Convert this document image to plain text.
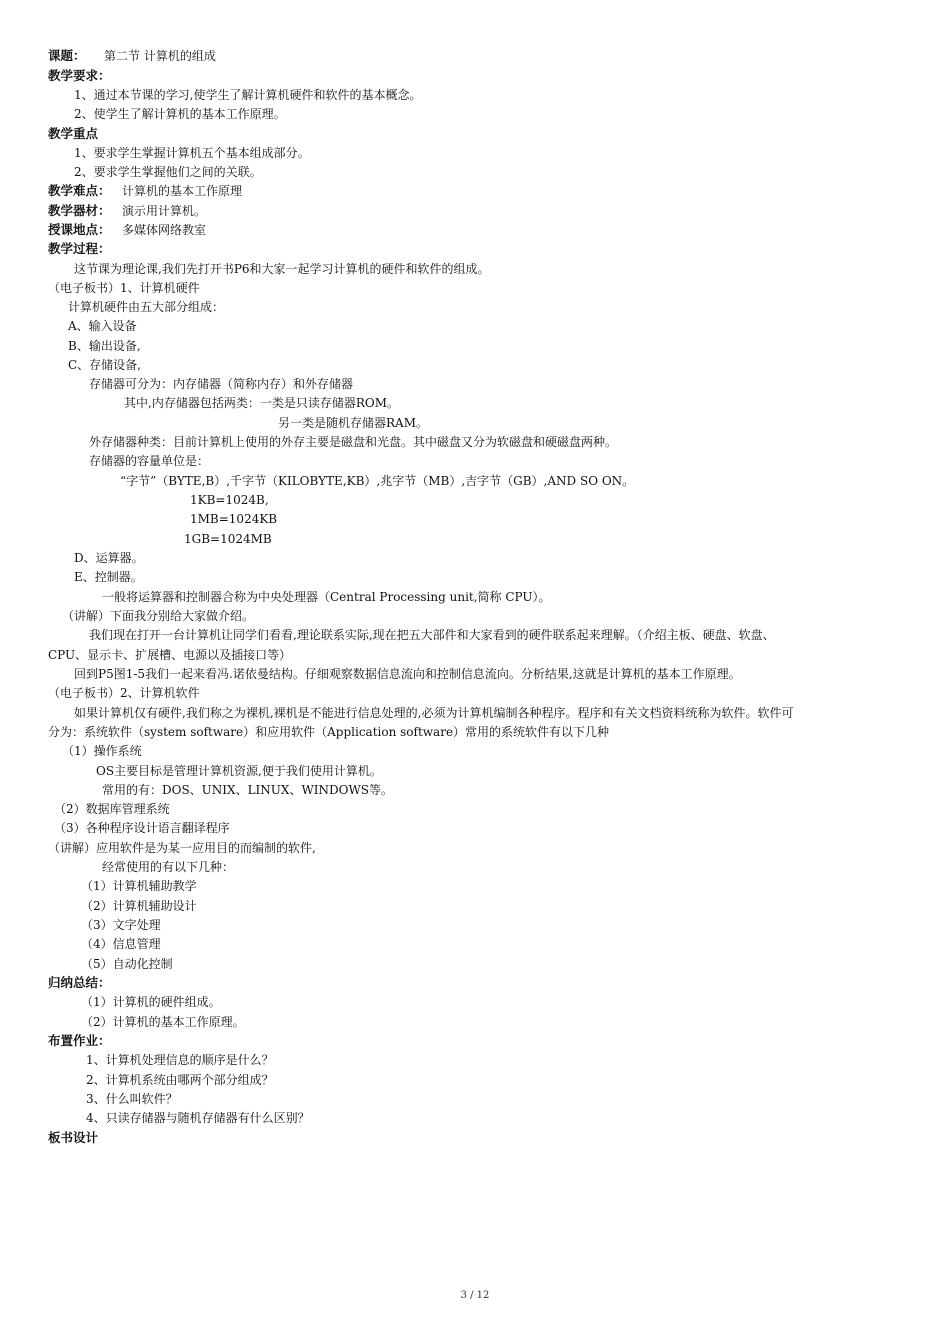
课题： 第二节 计算机的组成
教学要求：
1、通过本节课的学习,使学生了解计算机硬件和软件的基本概念。
2、使学生了解计算机的基本工作原理。
教学重点
1、要求学生掌握计算机五个基本组成部分。
2、要求学生掌握他们之间的关联。
教学难点： 计算机的基本工作原理
教学器材： 演示用计算机。
授课地点： 多媒体网络教室
教学过程：
这节课为理论课,我们先打开书P6和大家一起学习计算机的硬件和软件的组成。
（电子板书）1、计算机硬件
计算机硬件由五大部分组成：
A、输入设备
B、输出设备,
C、存储设备,
存储器可分为：内存储器（简称内存）和外存储器
其中,内存储器包括两类：一类是只读存储器ROM。
另一类是随机存储器RAM。
外存储器种类：目前计算机上使用的外存主要是磁盘和光盘。其中磁盘又分为软磁盘和硬磁盘两种。
存储器的容量单位是：
“字节”（BYTE,B）,千字节（KILOBYTE,KB）,兆字节（MB）,吉字节（GB）,AND SO ON。
1KB=1024B,
1MB=1024KB
1GB=1024MB
D、运算器。
E、控制器。
一般将运算器和控制器合称为中央处理器（Central Processing unit,简称 CPU）。
（讲解）下面我分别给大家做介绍。
我们现在打开一台计算机让同学们看看,理论联系实际,现在把五大部件和大家看到的硬件联系起来理解。（介绍主板、硬盘、软盘、
CPU、显示卡、扩展槽、电源以及插接口等）
回到P5图1-5我们一起来看冯.诺依曼结构。仔细观察数据信息流向和控制信息流向。分析结果,这就是计算机的基本工作原理。
（电子板书）2、计算机软件
如果计算机仅有硬件,我们称之为裸机,裸机是不能进行信息处理的,必须为计算机编制各种程序。程序和有关文档资料统称为软件。软件可
分为：系统软件（system software）和应用软件（Application software）常用的系统软件有以下几种
（1）操作系统
OS主要目标是管理计算机资源,便于我们使用计算机。
常用的有：DOS、UNIX、LINUX、WINDOWS等。
（2）数据库管理系统
（3）各种程序设计语言翻译程序
（讲解）应用软件是为某一应用目的而编制的软件,
经常使用的有以下几种：
（1）计算机辅助教学
（2）计算机辅助设计
（3）文字处理
（4）信息管理
（5）自动化控制
归纳总结：
（1）计算机的硬件组成。
（2）计算机的基本工作原理。
布置作业：
1、计算机处理信息的顺序是什么？
2、计算机系统由哪两个部分组成？
3、什么叫软件？
4、只读存储器与随机存储器有什么区别？
板书设计
3 / 12
